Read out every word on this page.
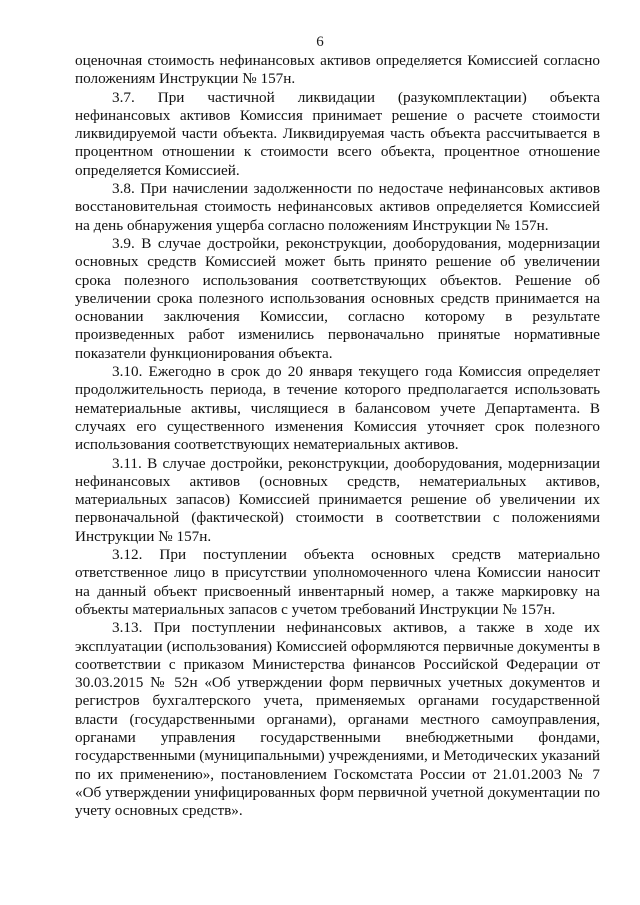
6

оценочная стоимость нефинансовых активов определяется Комиссией согласно положениям Инструкции № 157н.

3.7. При частичной ликвидации (разукомплектации) объекта нефинансовых активов Комиссия принимает решение о расчете стоимости ликвидируемой части объекта. Ликвидируемая часть объекта рассчитывается в процентном отношении к стоимости всего объекта, процентное отношение определяется Комиссией.

3.8. При начислении задолженности по недостаче нефинансовых активов восстановительная стоимость нефинансовых активов определяется Комиссией на день обнаружения ущерба согласно положениям Инструкции № 157н.

3.9. В случае достройки, реконструкции, дооборудования, модернизации основных средств Комиссией может быть принято решение об увеличении срока полезного использования соответствующих объектов. Решение об увеличении срока полезного использования основных средств принимается на основании заключения Комиссии, согласно которому в результате произведенных работ изменились первоначально принятые нормативные показатели функционирования объекта.

3.10. Ежегодно в срок до 20 января текущего года Комиссия определяет продолжительность периода, в течение которого предполагается использовать нематериальные активы, числящиеся в балансовом учете Департамента. В случаях его существенного изменения Комиссия уточняет срок полезного использования соответствующих нематериальных активов.

3.11. В случае достройки, реконструкции, дооборудования, модернизации нефинансовых активов (основных средств, нематериальных активов, материальных запасов) Комиссией принимается решение об увеличении их первоначальной (фактической) стоимости в соответствии с положениями Инструкции № 157н.

3.12. При поступлении объекта основных средств материально ответственное лицо в присутствии уполномоченного члена Комиссии наносит на данный объект присвоенный инвентарный номер, а также маркировку на объекты материальных запасов с учетом требований Инструкции № 157н.

3.13. При поступлении нефинансовых активов, а также в ходе их эксплуатации (использования) Комиссией оформляются первичные документы в соответствии с приказом Министерства финансов Российской Федерации от 30.03.2015 № 52н «Об утверждении форм первичных учетных документов и регистров бухгалтерского учета, применяемых органами государственной власти (государственными органами), органами местного самоуправления, органами управления государственными внебюджетными фондами, государственными (муниципальными) учреждениями, и Методических указаний по их применению», постановлением Госкомстата России от 21.01.2003 № 7 «Об утверждении унифицированных форм первичной учетной документации по учету основных средств».
